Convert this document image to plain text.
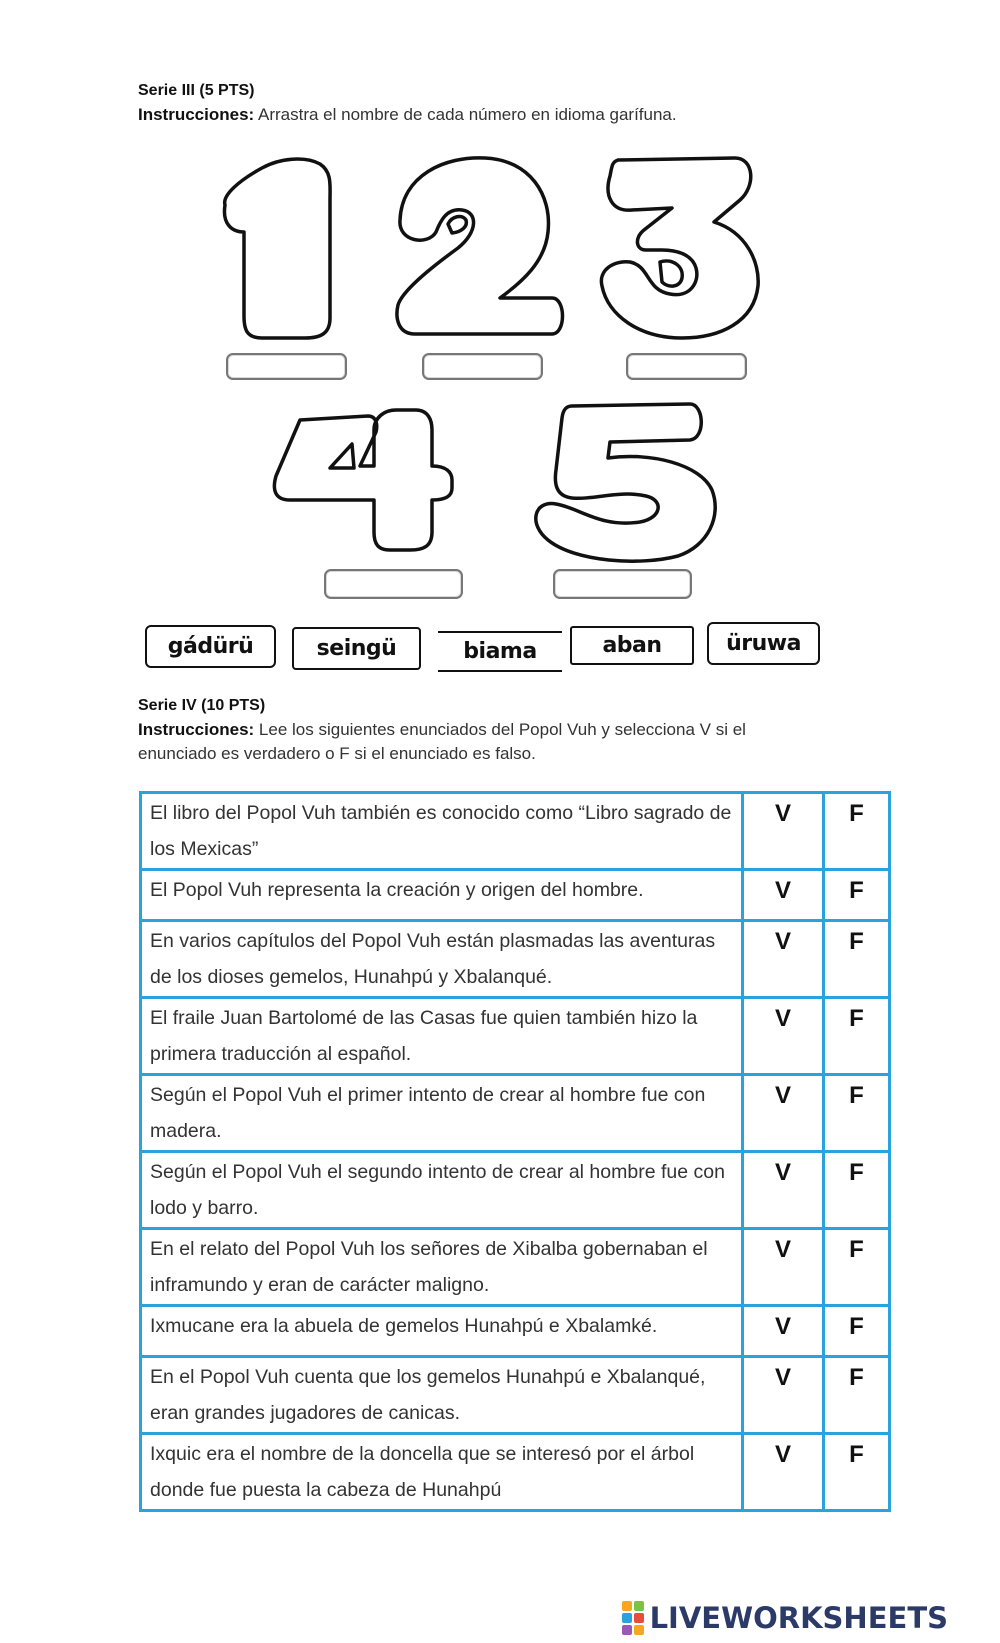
Serie III (5 PTS)
Instrucciones: Arrastra el nombre de cada número en idioma garífuna.
gádürü	seingü	biama	aban	üruwa
Serie IV (10 PTS)
Instrucciones: Lee los siguientes enunciados del Popol Vuh y selecciona V si el enunciado es verdadero o F si el enunciado es falso.
El libro del Popol Vuh también es conocido como “Libro sagrado de los Mexicas”	V	F
El Popol Vuh representa la creación y origen del hombre.	V	F
En varios capítulos del Popol Vuh están plasmadas las aventuras de los dioses gemelos, Hunahpú y Xbalanqué.	V	F
El fraile Juan Bartolomé de las Casas fue quien también hizo la primera traducción al español.	V	F
Según el Popol Vuh el primer intento de crear al hombre fue con madera.	V	F
Según el Popol Vuh el segundo intento de crear al hombre fue con lodo y barro.	V	F
En el relato del Popol Vuh los señores de Xibalba gobernaban el inframundo y eran de carácter maligno.	V	F
Ixmucane era la abuela de gemelos Hunahpú e Xbalamké.	V	F
En el Popol Vuh cuenta que los gemelos Hunahpú e Xbalanqué, eran grandes jugadores de canicas.	V	F
Ixquic era el nombre de la doncella que se interesó por el árbol donde fue puesta la cabeza de Hunahpú	V	F
LIVEWORKSHEETS
